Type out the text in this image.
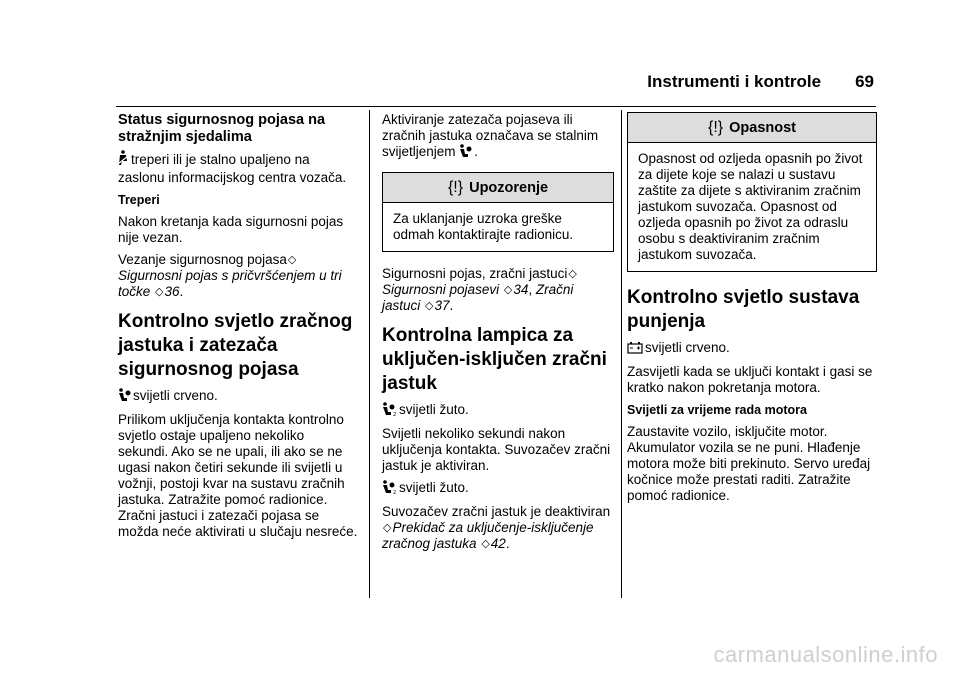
Instrumenti i kontrole 69
Status sigurnosnog pojasa na stražnjim sjedalima

treperi ili je stalno upaljeno na zaslonu informacijskog centra vozača.

Treperi

Nakon kretanja kada sigurnosni pojas nije vezan.

Vezanje sigurnosnog pojasa◇
Sigurnosni pojas s pričvršćenjem u tri točke ◇36.

Kontrolno svjetlo zračnog jastuka i zatezača sigurnosnog pojasa

svijetli crveno.

Prilikom uključenja kontakta kontrolno svjetlo ostaje upaljeno nekoliko sekundi. Ako se ne upali, ili ako se ne ugasi nakon četiri sekunde ili svijetli u vožnji, postoji kvar na sustavu zračnih jastuka. Zatražite pomoć radionice. Zračni jastuci i zatezači pojasa se možda neće aktivirati u slučaju nesreće.

Aktiviranje zatezača pojaseva ili zračnih jastuka označava se stalnim svijetljenjem .

{!} Upozorenje

Za uklanjanje uzroka greške odmah kontaktirajte radionicu.

Sigurnosni pojas, zračni jastuci◇
Sigurnosni pojasevi ◇34, Zračni jastuci ◇37.

Kontrolna lampica za uključen-isključen zračni jastuk

2 svijetli žuto.

Svijetli nekoliko sekundi nakon uključenja kontakta. Suvozačev zračni jastuk je aktiviran.

2 svijetli žuto.

Suvozačev zračni jastuk je deaktiviran
◇Prekidač za uključenje-isključenje zračnog jastuka ◇42.

{!} Opasnost

Opasnost od ozljeda opasnih po život za dijete koje se nalazi u sustavu zaštite za dijete s aktiviranim zračnim jastukom suvozača. Opasnost od ozljeda opasnih po život za odraslu osobu s deaktiviranim zračnim jastukom suvozača.

Kontrolno svjetlo sustava punjenja

svijetli crveno.

Zasvijetli kada se uključi kontakt i gasi se kratko nakon pokretanja motora.

Svijetli za vrijeme rada motora

Zaustavite vozilo, isključite motor. Akumulator vozila se ne puni. Hlađenje motora može biti prekinuto. Servo uređaj kočnice može prestati raditi. Zatražite pomoć radionice.

carmanualsonline.info
